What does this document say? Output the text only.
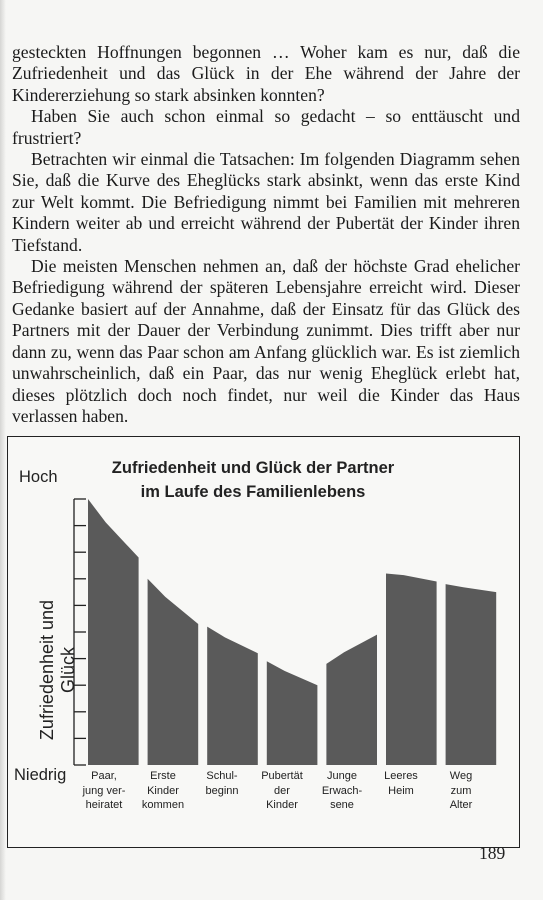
gesteckten Hoffnungen begonnen … Woher kam es nur, daß die Zufriedenheit und das Glück in der Ehe während der Jahre der Kindererziehung so stark absinken konnten?

Haben Sie auch schon einmal so gedacht – so enttäuscht und frustriert?

Betrachten wir einmal die Tatsachen: Im folgenden Diagramm sehen Sie, daß die Kurve des Eheglücks stark absinkt, wenn das erste Kind zur Welt kommt. Die Befriedigung nimmt bei Familien mit mehreren Kindern weiter ab und erreicht während der Pubertät der Kinder ihren Tiefstand.

Die meisten Menschen nehmen an, daß der höchste Grad ehelicher Befriedigung während der späteren Lebensjahre erreicht wird. Dieser Gedanke basiert auf der Annahme, daß der Einsatz für das Glück des Partners mit der Dauer der Verbindung zunimmt. Dies trifft aber nur dann zu, wenn das Paar schon am Anfang glücklich war. Es ist ziemlich unwahrscheinlich, daß ein Paar, das nur wenig Eheglück erlebt hat, dieses plötzlich doch noch findet, nur weil die Kinder das Haus verlassen haben.

Zufriedenheit und Glück der Partner
im Laufe des Familienlebens
Hoch
Zufriedenheit und Glück
Niedrig	Paar,
jung ver-
heiratet
Erste
Kinder
kommen
Schul-
beginn
Pubertät
der
Kinder
Junge
Erwach-
sene
Leeres
Heim
Weg
zum
Alter
189
